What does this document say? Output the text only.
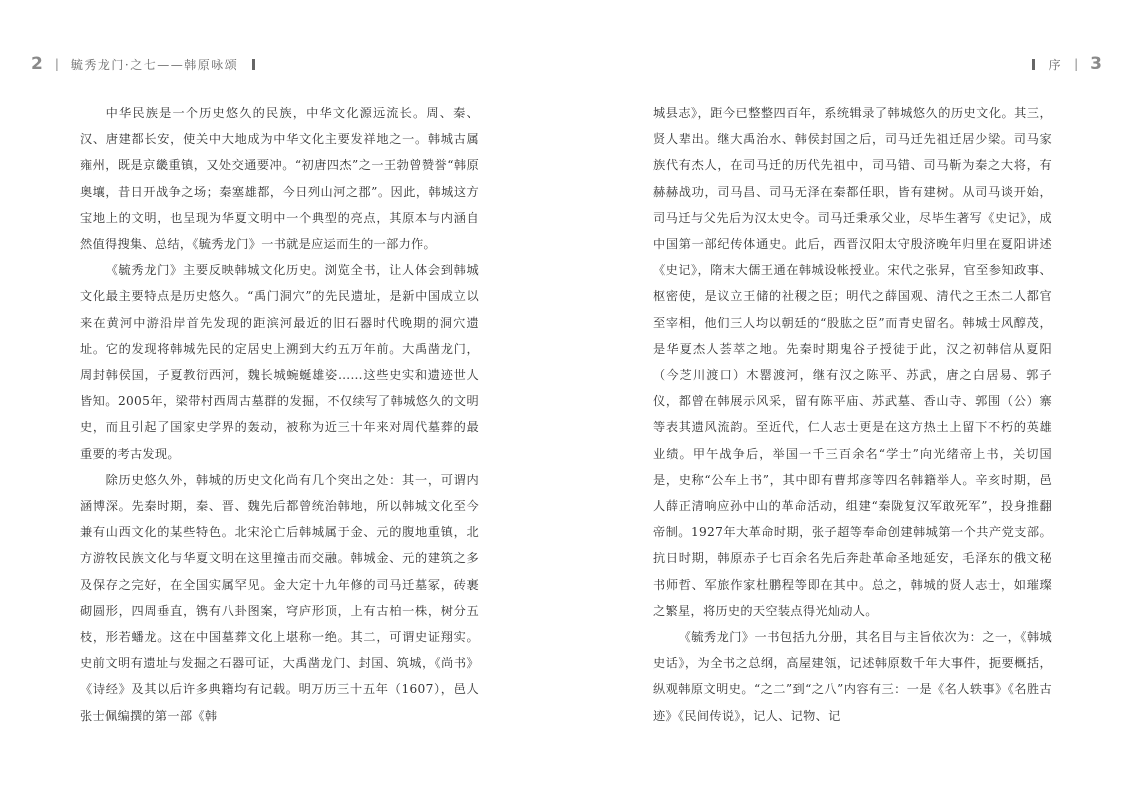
2 | 毓秀龙门·之七——韩原咏颂	序 | 3

中华民族是一个历史悠久的民族，中华文化源远流长。周、秦、汉、唐建都长安，使关中大地成为中华文化主要发祥地之一。韩城古属雍州，既是京畿重镇，又处交通要冲。“初唐四杰”之一王勃曾赞誉“韩原奥壤，昔日开战争之场；秦塞雄都，今日列山河之郡”。因此，韩城这方宝地上的文明，也呈现为华夏文明中一个典型的亮点，其原本与内涵自然值得搜集、总结，《毓秀龙门》一书就是应运而生的一部力作。

《毓秀龙门》主要反映韩城文化历史。浏览全书，让人体会到韩城文化最主要特点是历史悠久。“禹门洞穴”的先民遗址，是新中国成立以来在黄河中游沿岸首先发现的距滨河最近的旧石器时代晚期的洞穴遗址。它的发现将韩城先民的定居史上溯到大约五万年前。大禹凿龙门，周封韩侯国，子夏教衍西河，魏长城蜿蜒雄姿……这些史实和遗迹世人皆知。2005年，梁带村西周古墓群的发掘，不仅续写了韩城悠久的文明史，而且引起了国家史学界的轰动，被称为近三十年来对周代墓葬的最重要的考古发现。

除历史悠久外，韩城的历史文化尚有几个突出之处：其一，可谓内涵博深。先秦时期，秦、晋、魏先后都曾统治韩地，所以韩城文化至今兼有山西文化的某些特色。北宋沦亡后韩城属于金、元的腹地重镇，北方游牧民族文化与华夏文明在这里撞击而交融。韩城金、元的建筑之多及保存之完好，在全国实属罕见。金大定十九年修的司马迁墓冢，砖裹砌圆形，四周垂直，镌有八卦图案，穹庐形顶，上有古柏一株，树分五枝，形若蟠龙。这在中国墓葬文化上堪称一绝。其二，可谓史证翔实。史前文明有遗址与发掘之石器可证，大禹凿龙门、封国、筑城，《尚书》《诗经》及其以后许多典籍均有记载。明万历三十五年（1607），邑人张士佩编撰的第一部《韩

城县志》，距今已整整四百年，系统辑录了韩城悠久的历史文化。其三，贤人辈出。继大禹治水、韩侯封国之后，司马迁先祖迁居少梁。司马家族代有杰人，在司马迁的历代先祖中，司马错、司马靳为秦之大将，有赫赫战功，司马昌、司马无泽在秦都任职，皆有建树。从司马谈开始，司马迁与父先后为汉太史令。司马迁秉承父业，尽毕生著写《史记》，成中国第一部纪传体通史。此后，西晋汉阳太守殷济晚年归里在夏阳讲述《史记》，隋末大儒王通在韩城设帐授业。宋代之张昇，官至参知政事、枢密使，是议立王储的社稷之臣；明代之薛国观、清代之王杰二人都官至宰相，他们三人均以朝廷的“股肱之臣”而青史留名。韩城士风醇茂，是华夏杰人荟萃之地。先秦时期鬼谷子授徒于此，汉之初韩信从夏阳（今芝川渡口）木罂渡河，继有汉之陈平、苏武，唐之白居易、郭子仪，都曾在韩展示风采，留有陈平庙、苏武墓、香山寺、郭围（公）寨等表其遗风流韵。至近代，仁人志士更是在这方热土上留下不朽的英雄业绩。甲午战争后，举国一千三百余名“学士”向光绪帝上书，关切国是，史称“公车上书”，其中即有曹邦彦等四名韩籍举人。辛亥时期，邑人薛正清响应孙中山的革命活动，组建“秦陇复汉军敢死军”，投身推翻帝制。1927年大革命时期，张子超等奉命创建韩城第一个共产党支部。抗日时期，韩原赤子七百余名先后奔赴革命圣地延安，毛泽东的俄文秘书师哲、军旅作家杜鹏程等即在其中。总之，韩城的贤人志士，如璀璨之繁星，将历史的天空装点得光灿动人。

《毓秀龙门》一书包括九分册，其名目与主旨依次为：之一，《韩城史话》，为全书之总纲，高屋建瓴，记述韩原数千年大事件，扼要概括，纵观韩原文明史。“之二”到“之八”内容有三：一是《名人轶事》《名胜古迹》《民间传说》，记人、记物、记
